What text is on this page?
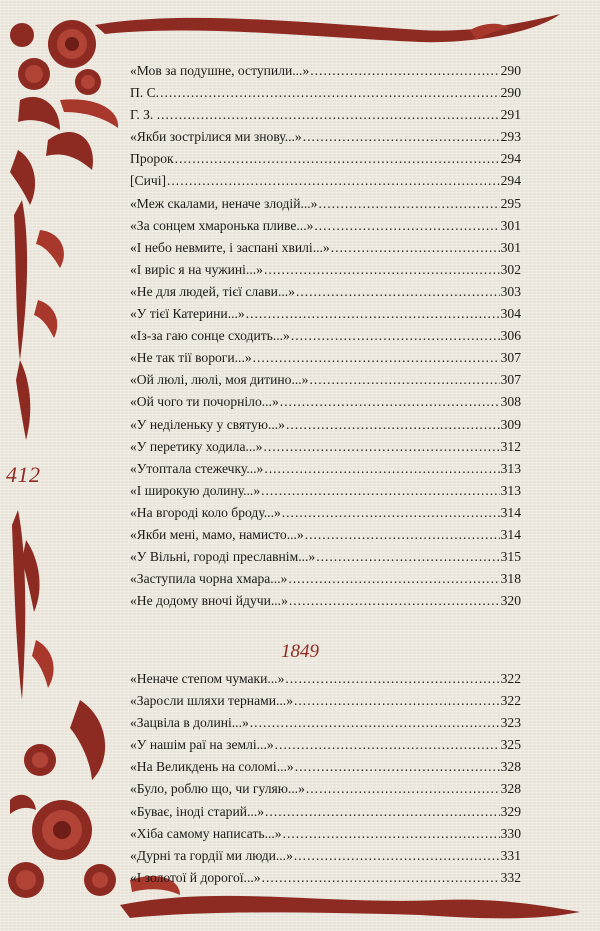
412
«Мов за подушне, оступили...» . . .	290
П. С. . . .	290
Г. З. . . . .	291
«Якби зострілися ми знову...» . . .	293
Пророк . . .	294
[Сичі] . . .	294
«Меж скалами, неначе злодій...» . . .	295
«За сонцем хмаронька пливе...» . . .	301
«І небо невмите, і заспані хвилі...» . . .	301
«І виріс я на чужині...» . . .	302
«Не для людей, тієї слави...» . . .	303
«У тієї Катерини...» . . .	304
«Із-за гаю сонце сходить...» . . .	306
«Не так тії вороги...» . . .	307
«Ой люлі, люлі, моя дитино...» . . .	307
«Ой чого ти почорніло...» . . .	308
«У неділеньку у святую...» . . .	309
«У перетику ходила...» . . .	312
«Утоптала стежечку...» . . .	313
«І широкую долину...» . . .	313
«На вгороді коло броду...» . . .	314
«Якби мені, мамо, намисто...» . . .	314
«У Вільні, городі преславнім...» . . .	315
«Заступила чорна хмара...» . . .	318
«Не додому вночі йдучи...» . . .	320
1849
«Неначе степом чумаки...» . . .	322
«Заросли шляхи тернами...» . . .	322
«Зацвіла в долині...» . . .	323
«У нашім раї на землі...» . . .	325
«На Великдень на соломі...» . . .	328
«Було, роблю що, чи гуляю...» . . .	328
«Буває, іноді старий...» . . .	329
«Хіба самому написать...» . . .	330
«Дурні та гордії ми люди...» . . .	331
«І золотої й дорогої...» . . .	332
